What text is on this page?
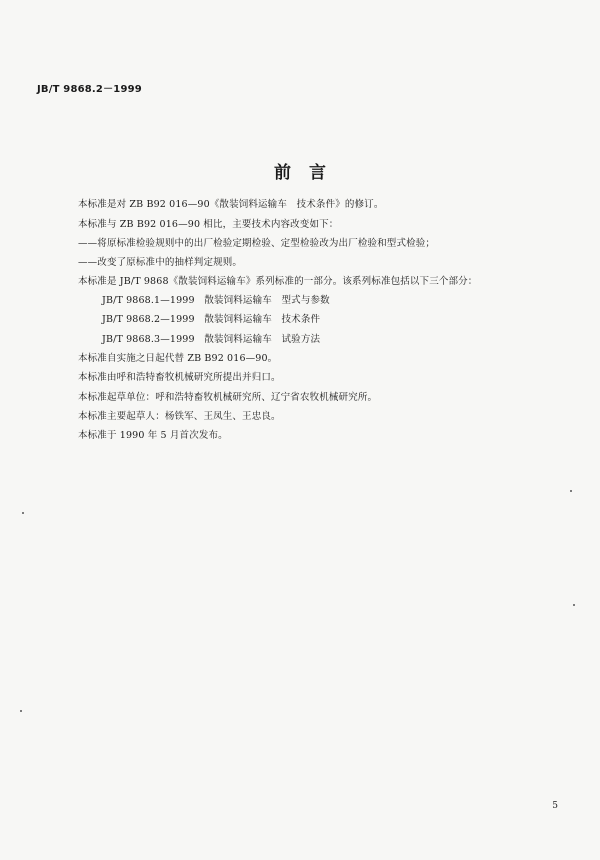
JB/T 9868.2－1999
前言
本标准是对 ZB B92 016—90《散装饲料运输车　技术条件》的修订。
本标准与 ZB B92 016—90 相比，主要技术内容改变如下：
——将原标准检验规则中的出厂检验定期检验、定型检验改为出厂检验和型式检验；
——改变了原标准中的抽样判定规则。
本标准是 JB/T 9868《散装饲料运输车》系列标准的一部分。该系列标准包括以下三个部分：
JB/T 9868.1—1999　散装饲料运输车　型式与参数
JB/T 9868.2—1999　散装饲料运输车　技术条件
JB/T 9868.3—1999　散装饲料运输车　试验方法
本标准自实施之日起代替 ZB B92 016—90。
本标准由呼和浩特畜牧机械研究所提出并归口。
本标准起草单位：呼和浩特畜牧机械研究所、辽宁省农牧机械研究所。
本标准主要起草人：杨铁军、王凤生、王忠良。
本标准于 1990 年 5 月首次发布。
5
